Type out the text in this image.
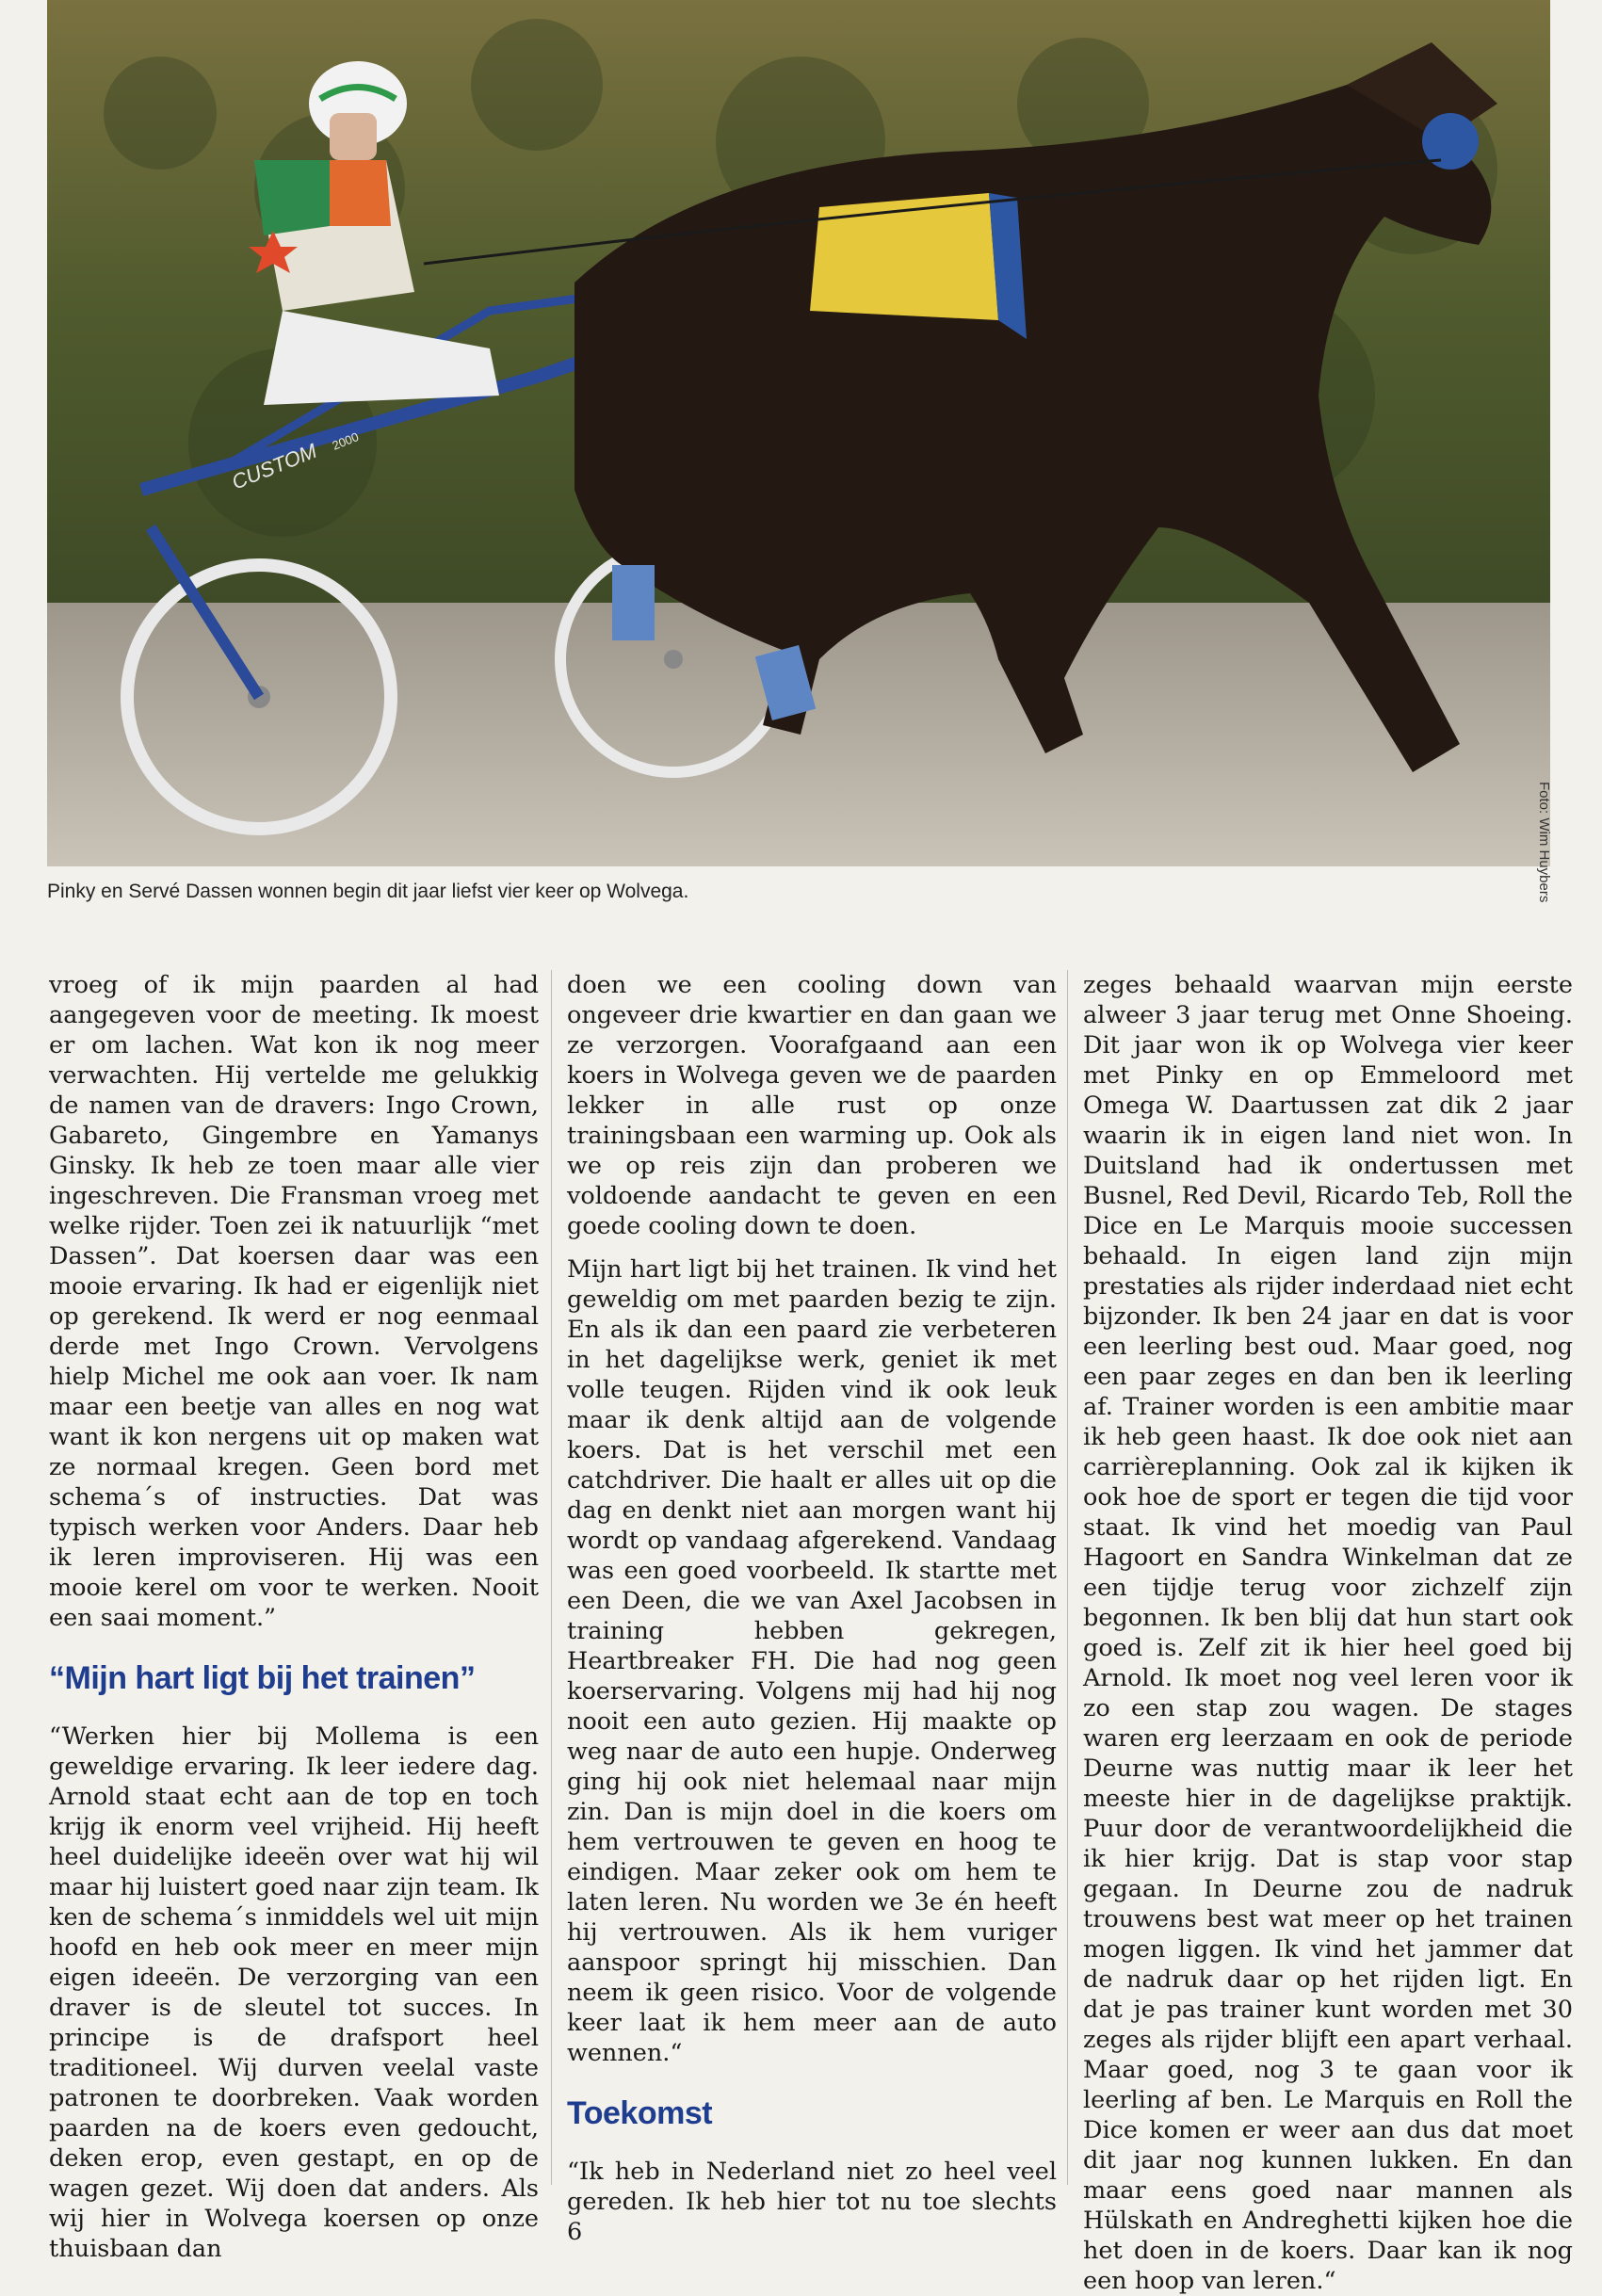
CUSTOM 2000
Foto: Wim Huybers
Pinky en Servé Dassen wonnen begin dit jaar liefst vier keer op Wolvega.

vroeg of ik mijn paarden al had aangegeven voor de meeting. Ik moest er om lachen. Wat kon ik nog meer verwachten. Hij vertelde me gelukkig de namen van de dravers: Ingo Crown, Gabareto, Gingembre en Yamanys Ginsky. Ik heb ze toen maar alle vier ingeschreven. Die Fransman vroeg met welke rijder. Toen zei ik natuurlijk “met Dassen”. Dat koersen daar was een mooie ervaring. Ik had er eigenlijk niet op gerekend. Ik werd er nog eenmaal derde met Ingo Crown. Vervolgens hielp Michel me ook aan voer. Ik nam maar een beetje van alles en nog wat want ik kon nergens uit op maken wat ze normaal kregen. Geen bord met schema´s of instructies. Dat was typisch werken voor Anders. Daar heb ik leren improviseren. Hij was een mooie kerel om voor te werken. Nooit een saai moment.”

“Mijn hart ligt bij het trainen”

“Werken hier bij Mollema is een geweldige ervaring. Ik leer iedere dag. Arnold staat echt aan de top en toch krijg ik enorm veel vrijheid. Hij heeft heel duidelijke ideeën over wat hij wil maar hij luistert goed naar zijn team. Ik ken de schema´s inmiddels wel uit mijn hoofd en heb ook meer en meer mijn eigen ideeën. De verzorging van een draver is de sleutel tot succes. In principe is de drafsport heel traditioneel. Wij durven veelal vaste patronen te doorbreken. Vaak worden paarden na de koers even gedoucht, deken erop, even gestapt, en op de wagen gezet. Wij doen dat anders. Als wij hier in Wolvega koersen op onze thuisbaan dan

doen we een cooling down van ongeveer drie kwartier en dan gaan we ze verzorgen. Voorafgaand aan een koers in Wolvega geven we de paarden lekker in alle rust op onze trainingsbaan een warming up. Ook als we op reis zijn dan proberen we voldoende aandacht te geven en een goede cooling down te doen.

Mijn hart ligt bij het trainen. Ik vind het geweldig om met paarden bezig te zijn. En als ik dan een paard zie verbeteren in het dagelijkse werk, geniet ik met volle teugen. Rijden vind ik ook leuk maar ik denk altijd aan de volgende koers. Dat is het verschil met een catchdriver. Die haalt er alles uit op die dag en denkt niet aan morgen want hij wordt op vandaag afgerekend. Vandaag was een goed voorbeeld. Ik startte met een Deen, die we van Axel Jacobsen in training hebben gekregen, Heartbreaker FH. Die had nog geen koerservaring. Volgens mij had hij nog nooit een auto gezien. Hij maakte op weg naar de auto een hupje. Onderweg ging hij ook niet helemaal naar mijn zin. Dan is mijn doel in die koers om hem vertrouwen te geven en hoog te eindigen. Maar zeker ook om hem te laten leren. Nu worden we 3e én heeft hij vertrouwen. Als ik hem vuriger aanspoor springt hij misschien. Dan neem ik geen risico. Voor de volgende keer laat ik hem meer aan de auto wennen.“

Toekomst

“Ik heb in Nederland niet zo heel veel gereden. Ik heb hier tot nu toe slechts 6

zeges behaald waarvan mijn eerste alweer 3 jaar terug met Onne Shoeing. Dit jaar won ik op Wolvega vier keer met Pinky en op Emmeloord met Omega W. Daartussen zat dik 2 jaar waarin ik in eigen land niet won. In Duitsland had ik ondertussen met Busnel, Red Devil, Ricardo Teb, Roll the Dice en Le Marquis mooie successen behaald. In eigen land zijn mijn prestaties als rijder inderdaad niet echt bijzonder. Ik ben 24 jaar en dat is voor een leerling best oud. Maar goed, nog een paar zeges en dan ben ik leerling af. Trainer worden is een ambitie maar ik heb geen haast. Ik doe ook niet aan carrièreplanning. Ook zal ik kijken ik ook hoe de sport er tegen die tijd voor staat. Ik vind het moedig van Paul Hagoort en Sandra Winkelman dat ze een tijdje terug voor zichzelf zijn begonnen. Ik ben blij dat hun start ook goed is. Zelf zit ik hier heel goed bij Arnold. Ik moet nog veel leren voor ik zo een stap zou wagen. De stages waren erg leerzaam en ook de periode Deurne was nuttig maar ik leer het meeste hier in de dagelijkse praktijk. Puur door de verantwoordelijkheid die ik hier krijg. Dat is stap voor stap gegaan. In Deurne zou de nadruk trouwens best wat meer op het trainen mogen liggen. Ik vind het jammer dat de nadruk daar op het rijden ligt. En dat je pas trainer kunt worden met 30 zeges als rijder blijft een apart verhaal. Maar goed, nog 3 te gaan voor ik leerling af ben. Le Marquis en Roll the Dice komen er weer aan dus dat moet dit jaar nog kunnen lukken. En dan maar eens goed naar mannen als Hülskath en Andreghetti kijken hoe die het doen in de koers. Daar kan ik nog een hoop van leren.“
